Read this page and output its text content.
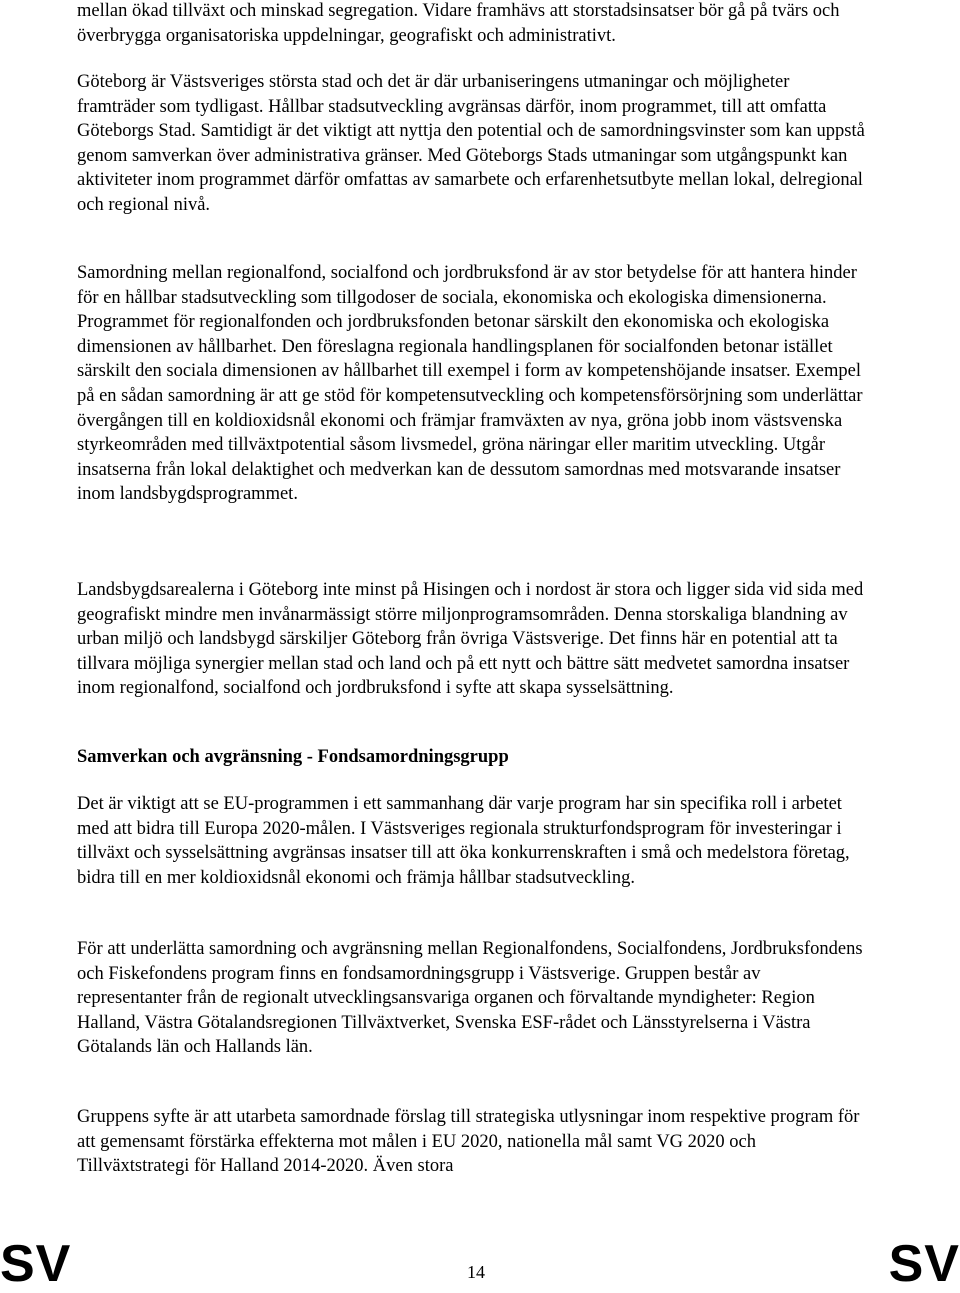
mellan ökad tillväxt och minskad segregation. Vidare framhävs att storstadsinsatser bör gå på tvärs och överbrygga organisatoriska uppdelningar, geografiskt och administrativt.

Göteborg är Västsveriges största stad och det är där urbaniseringens utmaningar och möjligheter framträder som tydligast. Hållbar stadsutveckling avgränsas därför, inom programmet, till att omfatta Göteborgs Stad. Samtidigt är det viktigt att nyttja den potential och de samordningsvinster som kan uppstå genom samverkan över administrativa gränser. Med Göteborgs Stads utmaningar som utgångspunkt kan aktiviteter inom programmet därför omfattas av samarbete och erfarenhetsutbyte mellan lokal, delregional och regional nivå.

Samordning mellan regionalfond, socialfond och jordbruksfond är av stor betydelse för att hantera hinder för en hållbar stadsutveckling som tillgodoser de sociala, ekonomiska och ekologiska dimensionerna. Programmet för regionalfonden och jordbruksfonden betonar särskilt den ekonomiska och ekologiska dimensionen av hållbarhet. Den föreslagna regionala handlingsplanen för socialfonden betonar istället särskilt den sociala dimensionen av hållbarhet till exempel i form av kompetenshöjande insatser. Exempel på en sådan samordning är att ge stöd för kompetensutveckling och kompetensförsörjning som underlättar övergången till en koldioxidsnål ekonomi och främjar framväxten av nya, gröna jobb inom västsvenska styrkeområden med tillväxtpotential såsom livsmedel, gröna näringar eller maritim utveckling. Utgår insatserna från lokal delaktighet och medverkan kan de dessutom samordnas med motsvarande insatser inom landsbygdsprogrammet.

Landsbygdsarealerna i Göteborg inte minst på Hisingen och i nordost är stora och ligger sida vid sida med geografiskt mindre men invånarmässigt större miljonprogramsområden. Denna storskaliga blandning av urban miljö och landsbygd särskiljer Göteborg från övriga Västsverige. Det finns här en potential att ta tillvara möjliga synergier mellan stad och land och på ett nytt och bättre sätt medvetet samordna insatser inom regionalfond, socialfond och jordbruksfond i syfte att skapa sysselsättning.

Samverkan och avgränsning - Fondsamordningsgrupp

Det är viktigt att se EU-programmen i ett sammanhang där varje program har sin specifika roll i arbetet med att bidra till Europa 2020-målen. I Västsveriges regionala strukturfondsprogram för investeringar i tillväxt och sysselsättning avgränsas insatser till att öka konkurrenskraften i små och medelstora företag, bidra till en mer koldioxidsnål ekonomi och främja hållbar stadsutveckling.

För att underlätta samordning och avgränsning mellan Regionalfondens, Socialfondens, Jordbruksfondens och Fiskefondens program finns en fondsamordningsgrupp i Västsverige. Gruppen består av representanter från de regionalt utvecklingsansvariga organen och förvaltande myndigheter: Region Halland, Västra Götalandsregionen Tillväxtverket, Svenska ESF-rådet och Länsstyrelserna i Västra Götalands län och Hallands län.

Gruppens syfte är att utarbeta samordnade förslag till strategiska utlysningar inom respektive program för att gemensamt förstärka effekterna mot målen i EU 2020, nationella mål samt VG 2020 och Tillväxtstrategi för Halland 2014-2020. Även stora

SV	14	SV
